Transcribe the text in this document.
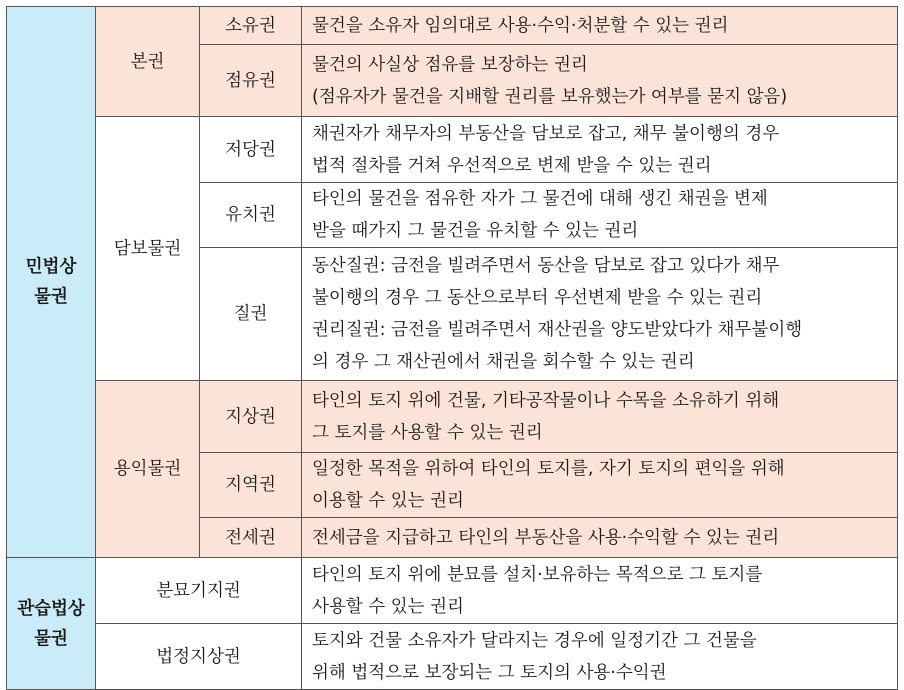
민법상
물권	본권	소유권	물건을 소유자 임의대로 사용·수익·처분할 수 있는 권리

		점유권	물건의 사실상 점유를 보장하는 권리
(점유자가 물건을 지배할 권리를 보유했는가 여부를 묻지 않음)

	담보물권	저당권	채권자가 채무자의 부동산을 담보로 잡고, 채무 불이행의 경우
법적 절차를 거쳐 우선적으로 변제 받을 수 있는 권리

		유치권	타인의 물건을 점유한 자가 그 물건에 대해 생긴 채권을 변제
받을 때가지 그 물건을 유치할 수 있는 권리

		질권	동산질권: 금전을 빌려주면서 동산을 담보로 잡고 있다가 채무
불이행의 경우 그 동산으로부터 우선변제 받을 수 있는 권리
권리질권: 금전을 빌려주면서 재산권을 양도받았다가 채무불이행
의 경우 그 재산권에서 채권을 회수할 수 있는 권리

	용익물권	지상권	타인의 토지 위에 건물, 기타공작물이나 수목을 소유하기 위해
그 토지를 사용할 수 있는 권리

		지역권	일정한 목적을 위하여 타인의 토지를, 자기 토지의 편익을 위해
이용할 수 있는 권리

		전세권	전세금을 지급하고 타인의 부동산을 사용·수익할 수 있는 권리

관습법상
물권	분묘기지권		타인의 토지 위에 분묘를 설치·보유하는 목적으로 그 토지를
사용할 수 있는 권리

	법정지상권		토지와 건물 소유자가 달라지는 경우에 일정기간 그 건물을
위해 법적으로 보장되는 그 토지의 사용·수익권
